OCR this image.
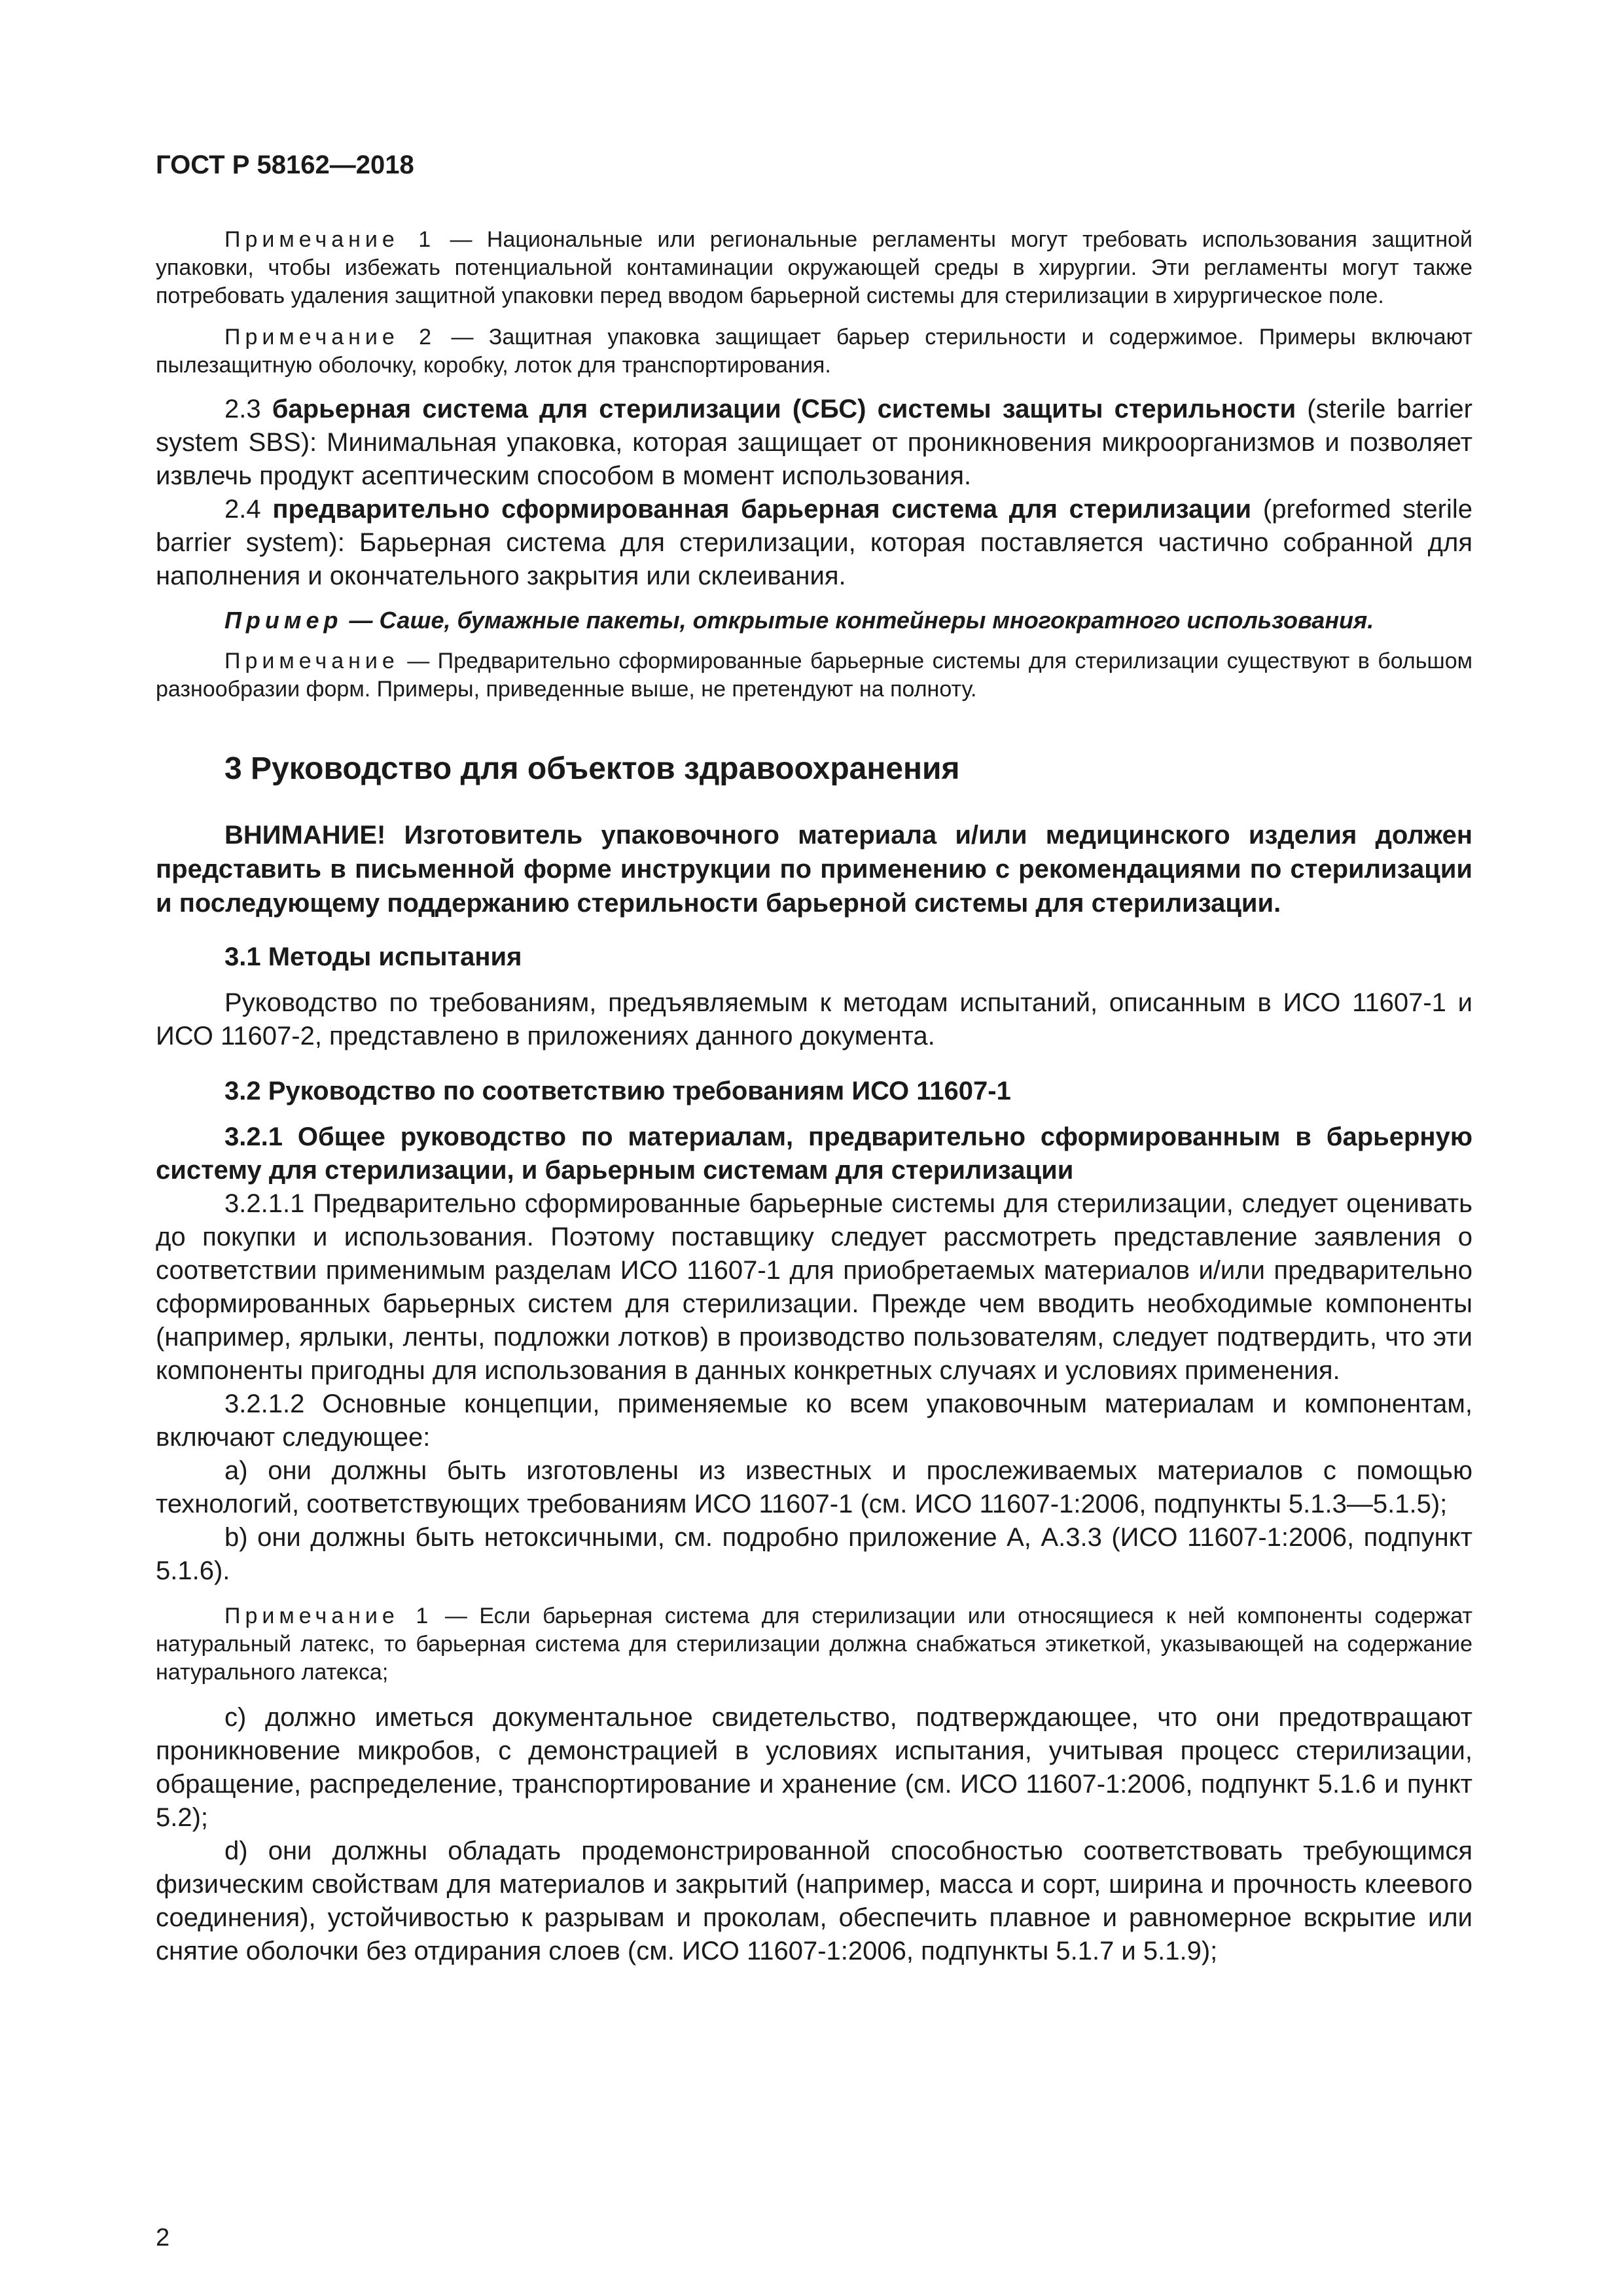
ГОСТ Р 58162—2018

Примечание 1 — Национальные или региональные регламенты могут требовать использования защитной упаковки, чтобы избежать потенциальной контаминации окружающей среды в хирургии. Эти регламенты могут также потребовать удаления защитной упаковки перед вводом барьерной системы для стерилизации в хирургическое поле.

Примечание 2 — Защитная упаковка защищает барьер стерильности и содержимое. Примеры включают пылезащитную оболочку, коробку, лоток для транспортирования.

2.3 барьерная система для стерилизации (СБС) системы защиты стерильности (sterile barrier system SBS): Минимальная упаковка, которая защищает от проникновения микроорганизмов и позволяет извлечь продукт асептическим способом в момент использования.

2.4 предварительно сформированная барьерная система для стерилизации (preformed sterile barrier system): Барьерная система для стерилизации, которая поставляется частично собранной для наполнения и окончательного закрытия или склеивания.

Пример — Саше, бумажные пакеты, открытые контейнеры многократного использования.

Примечание — Предварительно сформированные барьерные системы для стерилизации существуют в большом разнообразии форм. Примеры, приведенные выше, не претендуют на полноту.

3 Руководство для объектов здравоохранения

ВНИМАНИЕ! Изготовитель упаковочного материала и/или медицинского изделия должен представить в письменной форме инструкции по применению с рекомендациями по стерилизации и последующему поддержанию стерильности барьерной системы для стерилизации.

3.1 Методы испытания

Руководство по требованиям, предъявляемым к методам испытаний, описанным в ИСО 11607-1 и ИСО 11607-2, представлено в приложениях данного документа.

3.2 Руководство по соответствию требованиям ИСО 11607-1

3.2.1 Общее руководство по материалам, предварительно сформированным в барьерную систему для стерилизации, и барьерным системам для стерилизации

3.2.1.1 Предварительно сформированные барьерные системы для стерилизации, следует оценивать до покупки и использования. Поэтому поставщику следует рассмотреть представление заявления о соответствии применимым разделам ИСО 11607-1 для приобретаемых материалов и/или предварительно сформированных барьерных систем для стерилизации. Прежде чем вводить необходимые компоненты (например, ярлыки, ленты, подложки лотков) в производство пользователям, следует подтвердить, что эти компоненты пригодны для использования в данных конкретных случаях и условиях применения.

3.2.1.2 Основные концепции, применяемые ко всем упаковочным материалам и компонентам, включают следующее:

a) они должны быть изготовлены из известных и прослеживаемых материалов с помощью технологий, соответствующих требованиям ИСО 11607-1 (см. ИСО 11607-1:2006, подпункты 5.1.3—5.1.5);

b) они должны быть нетоксичными, см. подробно приложение А, А.3.3 (ИСО 11607-1:2006, подпункт 5.1.6).

Примечание 1 — Если барьерная система для стерилизации или относящиеся к ней компоненты содержат натуральный латекс, то барьерная система для стерилизации должна снабжаться этикеткой, указывающей на содержание натурального латекса;

c) должно иметься документальное свидетельство, подтверждающее, что они предотвращают проникновение микробов, с демонстрацией в условиях испытания, учитывая процесс стерилизации, обращение, распределение, транспортирование и хранение (см. ИСО 11607-1:2006, подпункт 5.1.6 и пункт 5.2);

d) они должны обладать продемонстрированной способностью соответствовать требующимся физическим свойствам для материалов и закрытий (например, масса и сорт, ширина и прочность клеевого соединения), устойчивостью к разрывам и проколам, обеспечить плавное и равномерное вскрытие или снятие оболочки без отдирания слоев (см. ИСО 11607-1:2006, подпункты 5.1.7 и 5.1.9);

2
